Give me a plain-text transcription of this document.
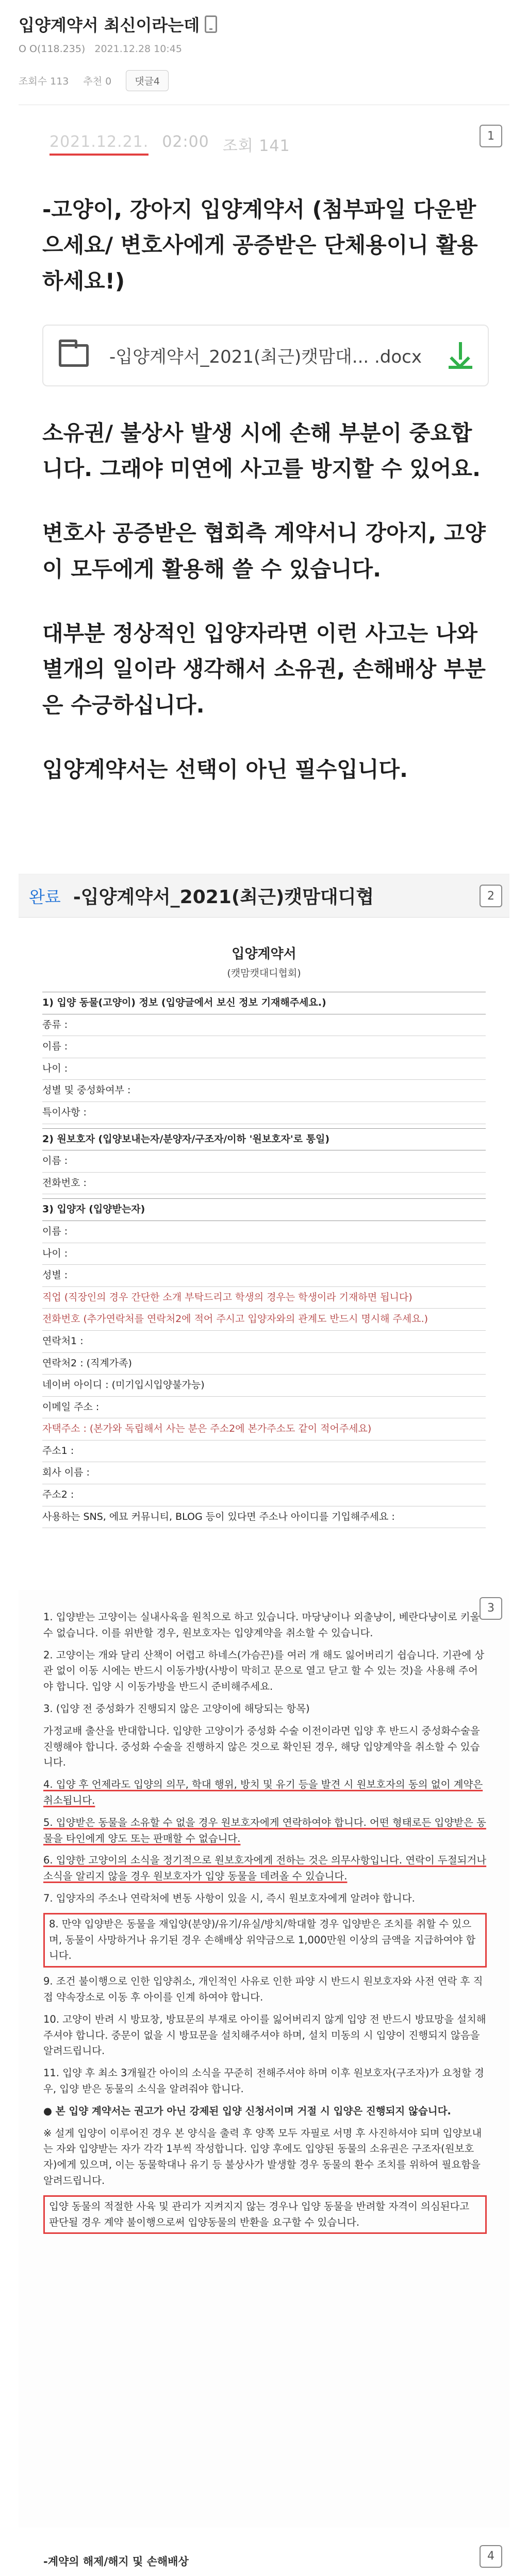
입양계약서 최신이라는데
O O(118.235) 2021.12.28 10:45
조회수 113 추천 0	댓글4
1
2021.12.21. 02:00 조회 141

-고양이, 강아지 입양계약서 (첨부파일 다운받으세요/ 변호사에게 공증받은 단체용이니 활용하세요!)

-입양계약서_2021(최근)캣맘대... .docx

소유권/ 불상사 발생 시에 손해 부분이 중요합니다. 그래야 미연에 사고를 방지할 수 있어요.

변호사 공증받은 협회측 계약서니 강아지, 고양이 모두에게 활용해 쓸 수 있습니다.

대부분 정상적인 입양자라면 이런 사고는 나와 별개의 일이라 생각해서 소유권, 손해배상 부분은 수긍하십니다.

입양계약서는 선택이 아닌 필수입니다.

완료 -입양계약서_2021(최근)캣맘대디협	2
입양계약서
(캣맘캣대디협회)
1) 입양 동물(고양이) 정보 (입양글에서 보신 정보 기재해주세요.)
종류 :
이름 :
나이 :
성별 및 중성화여부 :
특이사항 :
2) 원보호자 (입양보내는자/분양자/구조자/이하 '원보호자'로 통일)
이름 :
전화번호 :
3) 입양자 (입양받는자)
이름 :
나이 :
성별 :
직업 (직장인의 경우 간단한 소개 부탁드리고 학생의 경우는 학생이라 기재하면 됩니다)
전화번호 (추가연락처를 연락처2에 적어 주시고 입양자와의 관계도 반드시 명시해 주세요.)
연락처1 :
연락처2 : (직계가족)
네이버 아이디 : (미기입시입양불가능)
이메일 주소 :
자택주소 : (본가와 독립해서 사는 분은 주소2에 본가주소도 같이 적어주세요)
주소1 :
회사 이름 :
주소2 :
사용하는 SNS, 에묘 커뮤니티, BLOG 등이 있다면 주소나 아이디를 기입해주세요 :
3

1. 입양받는 고양이는 실내사육을 원칙으로 하고 있습니다. 마당냥이나 외출냥이, 베란다냥이로 키울 수 없습니다. 이를 위반할 경우, 원보호자는 입양계약을 취소할 수 있습니다.

2. 고양이는 개와 달리 산책이 어렵고 하네스(가슴끈)를 여러 개 해도 잃어버리기 쉽습니다. 기관에 상관 없이 이동 시에는 반드시 이동가방(사방이 막히고 문으로 열고 닫고 할 수 있는 것)을 사용해 주어야 합니다. 입양 시 이동가방을 반드시 준비해주세요.

3. (입양 전 중성화가 진행되지 않은 고양이에 해당되는 항목)

가정교배 출산을 반대합니다. 입양한 고양이가 중성화 수술 이전이라면 입양 후 반드시 중성화수술을 진행해야 합니다. 중성화 수술을 진행하지 않은 것으로 확인된 경우, 해당 입양계약을 취소할 수 있습니다.

4. 입양 후 언제라도 입양의 의무, 학대 행위, 방치 및 유기 등을 발견 시 원보호자의 동의 없이 계약은 취소됩니다.

5. 입양받은 동물을 소유할 수 없을 경우 원보호자에게 연락하여야 합니다. 어떤 형태로든 입양받은 동물을 타인에게 양도 또는 판매할 수 없습니다.

6. 입양한 고양이의 소식을 정기적으로 원보호자에게 전하는 것은 의무사항입니다. 연락이 두절되거나 소식을 알리지 않을 경우 원보호자가 입양 동물을 데려올 수 있습니다.

7. 입양자의 주소나 연락처에 변동 사항이 있을 시, 즉시 원보호자에게 알려야 합니다.

8. 만약 입양받은 동물을 재입양(분양)/유기/유실/방치/학대할 경우 입양받은 조치를 취할 수 있으며, 동물이 사망하거나 유기된 경우 손해배상 위약금으로 1,000만원 이상의 금액을 지급하여야 합니다.

9. 조건 불이행으로 인한 입양취소, 개인적인 사유로 인한 파양 시 반드시 원보호자와 사전 연락 후 직접 약속장소로 이동 후 아이를 인계 하여야 합니다.

10. 고양이 반려 시 방묘창, 방묘문의 부재로 아이를 잃어버리지 않게 입양 전 반드시 방묘망을 설치해주셔야 합니다. 중문이 없을 시 방묘문을 설치해주셔야 하며, 설치 미동의 시 입양이 진행되지 않음을 알려드립니다.

11. 입양 후 최소 3개월간 아이의 소식을 꾸준히 전해주셔야 하며 이후 원보호자(구조자)가 요청할 경우, 입양 받은 동물의 소식을 알려줘야 합니다.

● 본 입양 계약서는 권고가 아닌 강제된 입양 신청서이며 거절 시 입양은 진행되지 않습니다.

※ 설게 입양이 이루어진 경우 본 양식을 출력 후 양쪽 모두 자필로 서명 후 사진하셔야 되며 입양보내는 자와 입양받는 자가 각각 1부씩 작성합니다. 입양 후에도 입양된 동물의 소유권은 구조자(원보호자)에게 있으며, 이는 동물학대나 유기 등 불상사가 발생할 경우 동물의 환수 조치를 위하여 필요함을 알려드립니다.

입양 동물의 적절한 사육 및 관리가 지켜지지 않는 경우나 입양 동물을 반려할 자격이 의심된다고 판단될 경우 계약 불이행으로써 입양동물의 반환을 요구할 수 있습니다.

4
-계약의 해제/해지 및 손해배상
